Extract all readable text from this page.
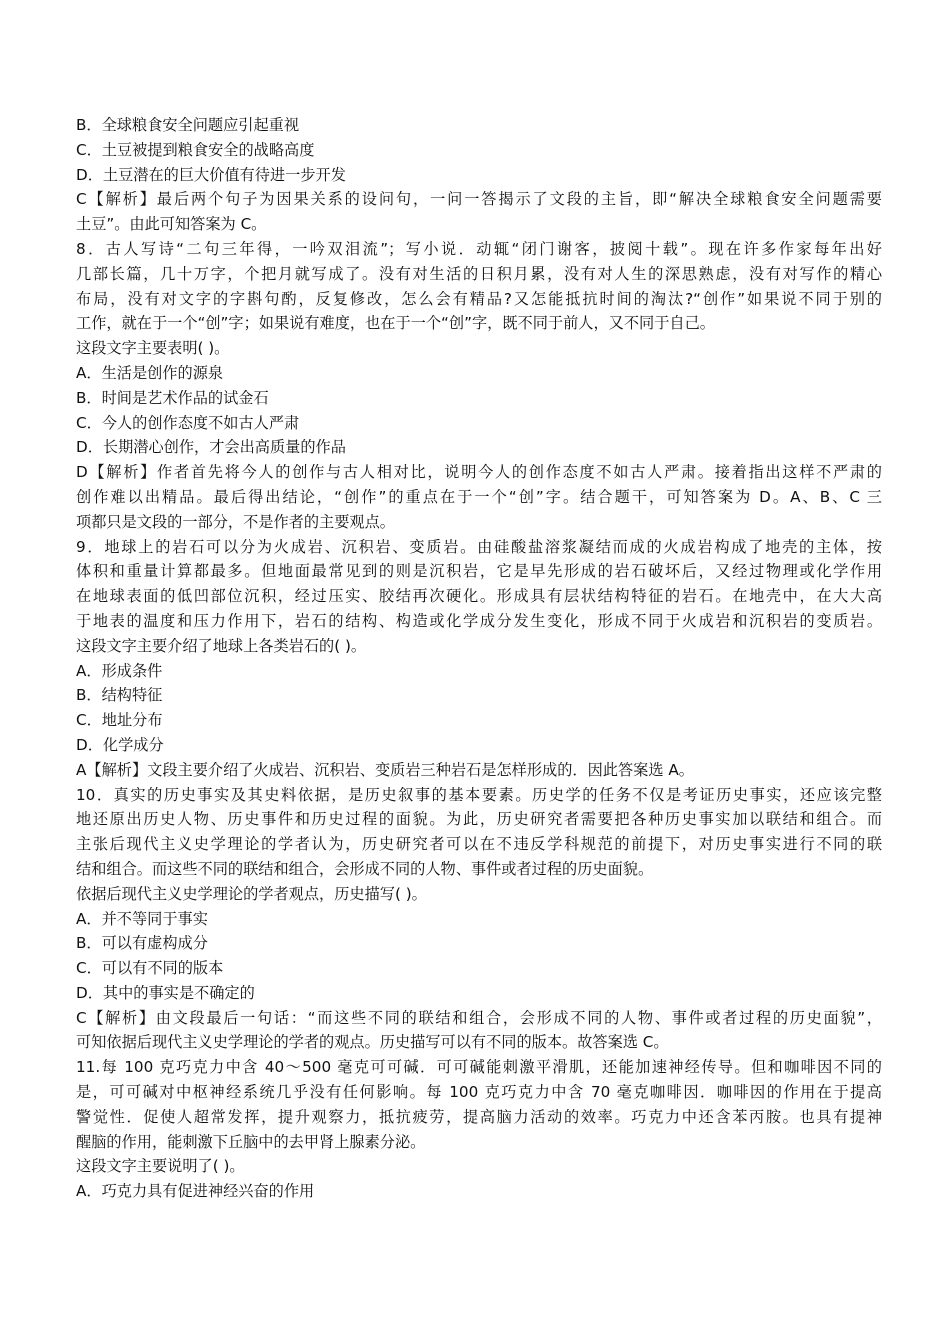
B．全球粮食安全问题应引起重视
C．土豆被提到粮食安全的战略高度
D．土豆潜在的巨大价值有待进一步开发
C【解析】最后两个句子为因果关系的设问句，一问一答揭示了文段的主旨，即“解决全球粮食安全问题需要
土豆”。由此可知答案为 C。
8．古人写诗“二句三年得，一吟双泪流”；写小说．动辄“闭门谢客，披阅十载”。现在许多作家每年出好
几部长篇，几十万字，个把月就写成了。没有对生活的日积月累，没有对人生的深思熟虑，没有对写作的精心
布局，没有对文字的字斟句酌，反复修改，怎么会有精品?又怎能抵抗时间的淘汰?“创作”如果说不同于别的
工作，就在于一个“创”字；如果说有难度，也在于一个“创”字，既不同于前人，又不同于自己。
这段文字主要表明( )。
A．生活是创作的源泉
B．时间是艺术作品的试金石
C．今人的创作态度不如古人严肃
D．长期潜心创作，才会出高质量的作品
D【解析】作者首先将今人的创作与古人相对比，说明今人的创作态度不如古人严肃。接着指出这样不严肃的
创作难以出精品。最后得出结论，“创作”的重点在于一个“创”字。结合题干，可知答案为 D。A、B、C 三
项都只是文段的一部分，不是作者的主要观点。
9．地球上的岩石可以分为火成岩、沉积岩、变质岩。由硅酸盐溶浆凝结而成的火成岩构成了地壳的主体，按
体积和重量计算都最多。但地面最常见到的则是沉积岩，它是早先形成的岩石破坏后，又经过物理或化学作用
在地球表面的低凹部位沉积，经过压实、胶结再次硬化。形成具有层状结构特征的岩石。在地壳中，在大大高
于地表的温度和压力作用下，岩石的结构、构造或化学成分发生变化，形成不同于火成岩和沉积岩的变质岩。
这段文字主要介绍了地球上各类岩石的( )。
A．形成条件
B．结构特征
C．地址分布
D．化学成分
A【解析】文段主要介绍了火成岩、沉积岩、变质岩三种岩石是怎样形成的．因此答案选 A。
10．真实的历史事实及其史料依据，是历史叙事的基本要素。历史学的任务不仅是考证历史事实，还应该完整
地还原出历史人物、历史事件和历史过程的面貌。为此，历史研究者需要把各种历史事实加以联结和组合。而
主张后现代主义史学理论的学者认为，历史研究者可以在不违反学科规范的前提下，对历史事实进行不同的联
结和组合。而这些不同的联结和组合，会形成不同的人物、事件或者过程的历史面貌。
依据后现代主义史学理论的学者观点，历史描写( )。
A．并不等同于事实
B．可以有虚构成分
C．可以有不同的版本
D．其中的事实是不确定的
C【解析】由文段最后一句话：“而这些不同的联结和组合，会形成不同的人物、事件或者过程的历史面貌”，
可知依据后现代主义史学理论的学者的观点。历史描写可以有不同的版本。故答案选 C。
11.每 100 克巧克力中含 40～500 毫克可可碱．可可碱能刺激平滑肌，还能加速神经传导。但和咖啡因不同的
是，可可碱对中枢神经系统几乎没有任何影响。每 100 克巧克力中含 70 毫克咖啡因．咖啡因的作用在于提高
警觉性．促使人超常发挥，提升观察力，抵抗疲劳，提高脑力活动的效率。巧克力中还含苯丙胺。也具有提神
醒脑的作用，能刺激下丘脑中的去甲肾上腺素分泌。
这段文字主要说明了( )。
A．巧克力具有促进神经兴奋的作用
